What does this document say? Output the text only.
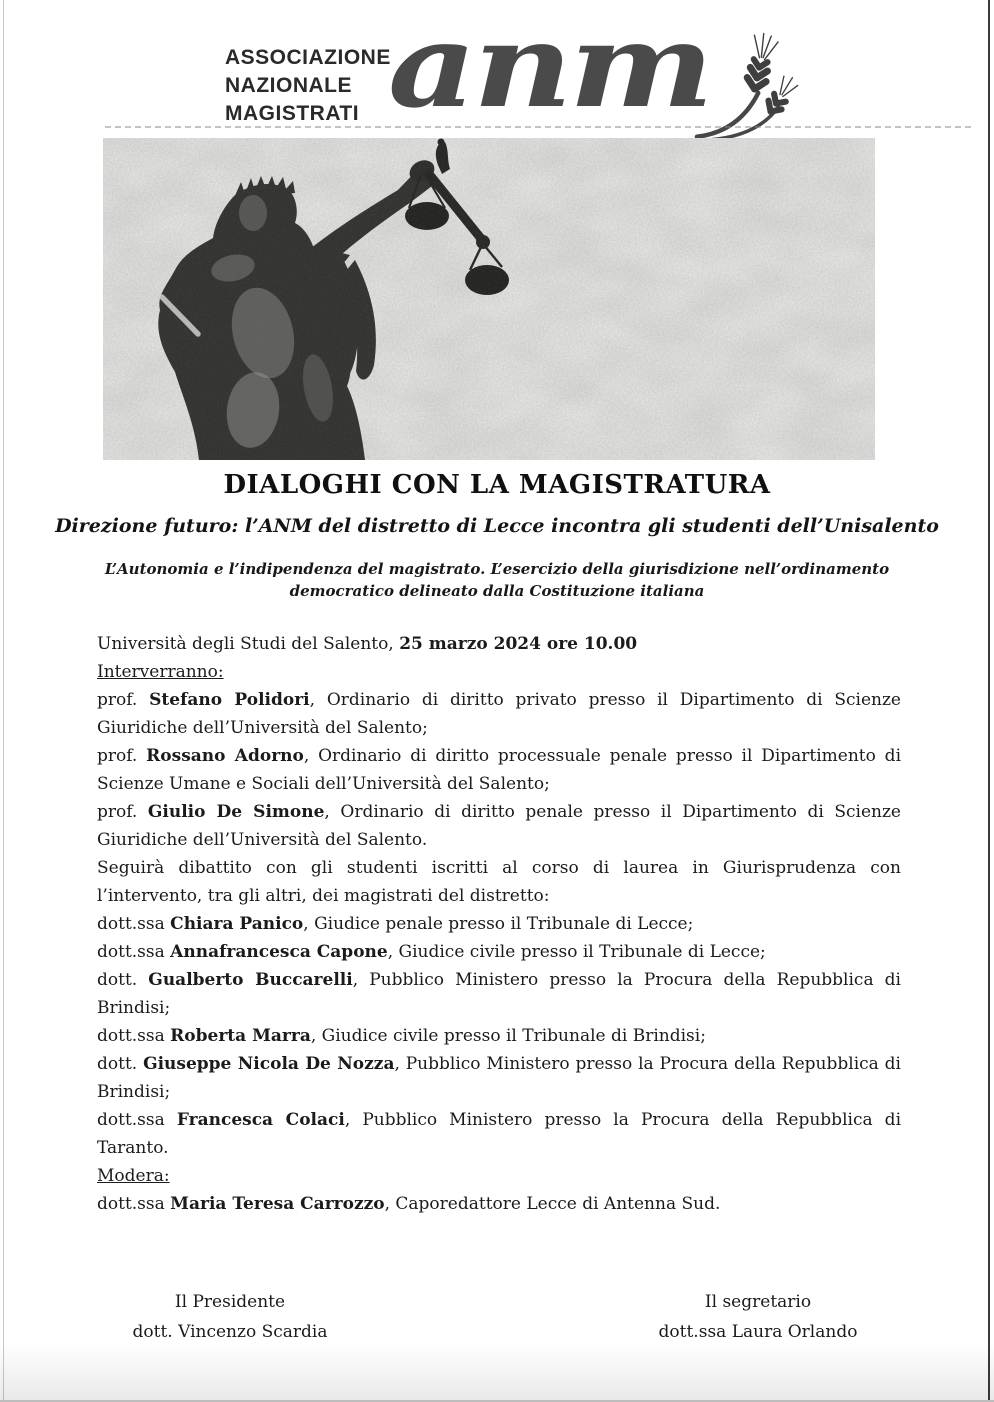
ASSOCIAZIONE
NAZIONALE
MAGISTRATI anm
DIALOGHI CON LA MAGISTRATURA
Direzione futuro: l’ANM del distretto di Lecce incontra gli studenti dell’Unisalento
L’Autonomia e l’indipendenza del magistrato. L’esercizio della giurisdizione nell’ordinamento
democratico delineato dalla Costituzione italiana

Università degli Studi del Salento, 25 marzo 2024 ore 10.00

Interverranno:

prof. Stefano Polidori, Ordinario di diritto privato presso il Dipartimento di Scienze Giuridiche dell’Università del Salento;

prof. Rossano Adorno, Ordinario di diritto processuale penale presso il Dipartimento di Scienze Umane e Sociali dell’Università del Salento;

prof. Giulio De Simone, Ordinario di diritto penale presso il Dipartimento di Scienze Giuridiche dell’Università del Salento.

Seguirà dibattito con gli studenti iscritti al corso di laurea in Giurisprudenza con l’intervento, tra gli altri, dei magistrati del distretto:

dott.ssa Chiara Panico, Giudice penale presso il Tribunale di Lecce;

dott.ssa Annafrancesca Capone, Giudice civile presso il Tribunale di Lecce;

dott. Gualberto Buccarelli, Pubblico Ministero presso la Procura della Repubblica di Brindisi;

dott.ssa Roberta Marra, Giudice civile presso il Tribunale di Brindisi;

dott. Giuseppe Nicola De Nozza, Pubblico Ministero presso la Procura della Repubblica di Brindisi;

dott.ssa Francesca Colaci, Pubblico Ministero presso la Procura della Repubblica di Taranto.

Modera:

dott.ssa Maria Teresa Carrozzo, Caporedattore Lecce di Antenna Sud.

Il Presidente
dott. Vincenzo Scardia
Il segretario
dott.ssa Laura Orlando
